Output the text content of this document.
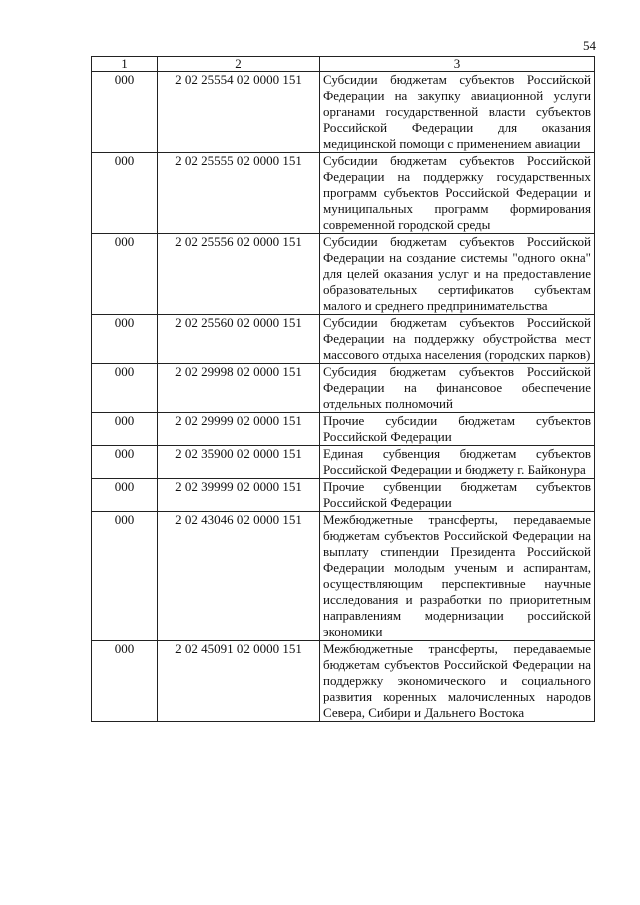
54
1	2	3
000	2 02 25554 02 0000 151	Субсидии бюджетам субъектов Российской Федерации на закупку авиационной услуги органами государственной власти субъектов Российской Федерации для оказания медицинской помощи с применением авиации
000	2 02 25555 02 0000 151	Субсидии бюджетам субъектов Российской Федерации на поддержку государственных программ субъектов Российской Федерации и муниципальных программ формирования современной городской среды
000	2 02 25556 02 0000 151	Субсидии бюджетам субъектов Российской Федерации на создание системы "одного окна" для целей оказания услуг и на предоставление образовательных сертификатов субъектам малого и среднего предпринимательства
000	2 02 25560 02 0000 151	Субсидии бюджетам субъектов Российской Федерации на поддержку обустройства мест массового отдыха населения (городских парков)
000	2 02 29998 02 0000 151	Субсидия бюджетам субъектов Российской Федерации на финансовое обеспечение отдельных полномочий
000	2 02 29999 02 0000 151	Прочие субсидии бюджетам субъектов Российской Федерации
000	2 02 35900 02 0000 151	Единая субвенция бюджетам субъектов Российской Федерации и бюджету г. Байконура
000	2 02 39999 02 0000 151	Прочие субвенции бюджетам субъектов Российской Федерации
000	2 02 43046 02 0000 151	Межбюджетные трансферты, передаваемые бюджетам субъектов Российской Федерации на выплату стипендии Президента Российской Федерации молодым ученым и аспирантам, осуществляющим перспективные научные исследования и разработки по приоритетным направлениям модернизации российской экономики
000	2 02 45091 02 0000 151	Межбюджетные трансферты, передаваемые бюджетам субъектов Российской Федерации на поддержку экономического и социального развития коренных малочисленных народов Севера, Сибири и Дальнего Востока
